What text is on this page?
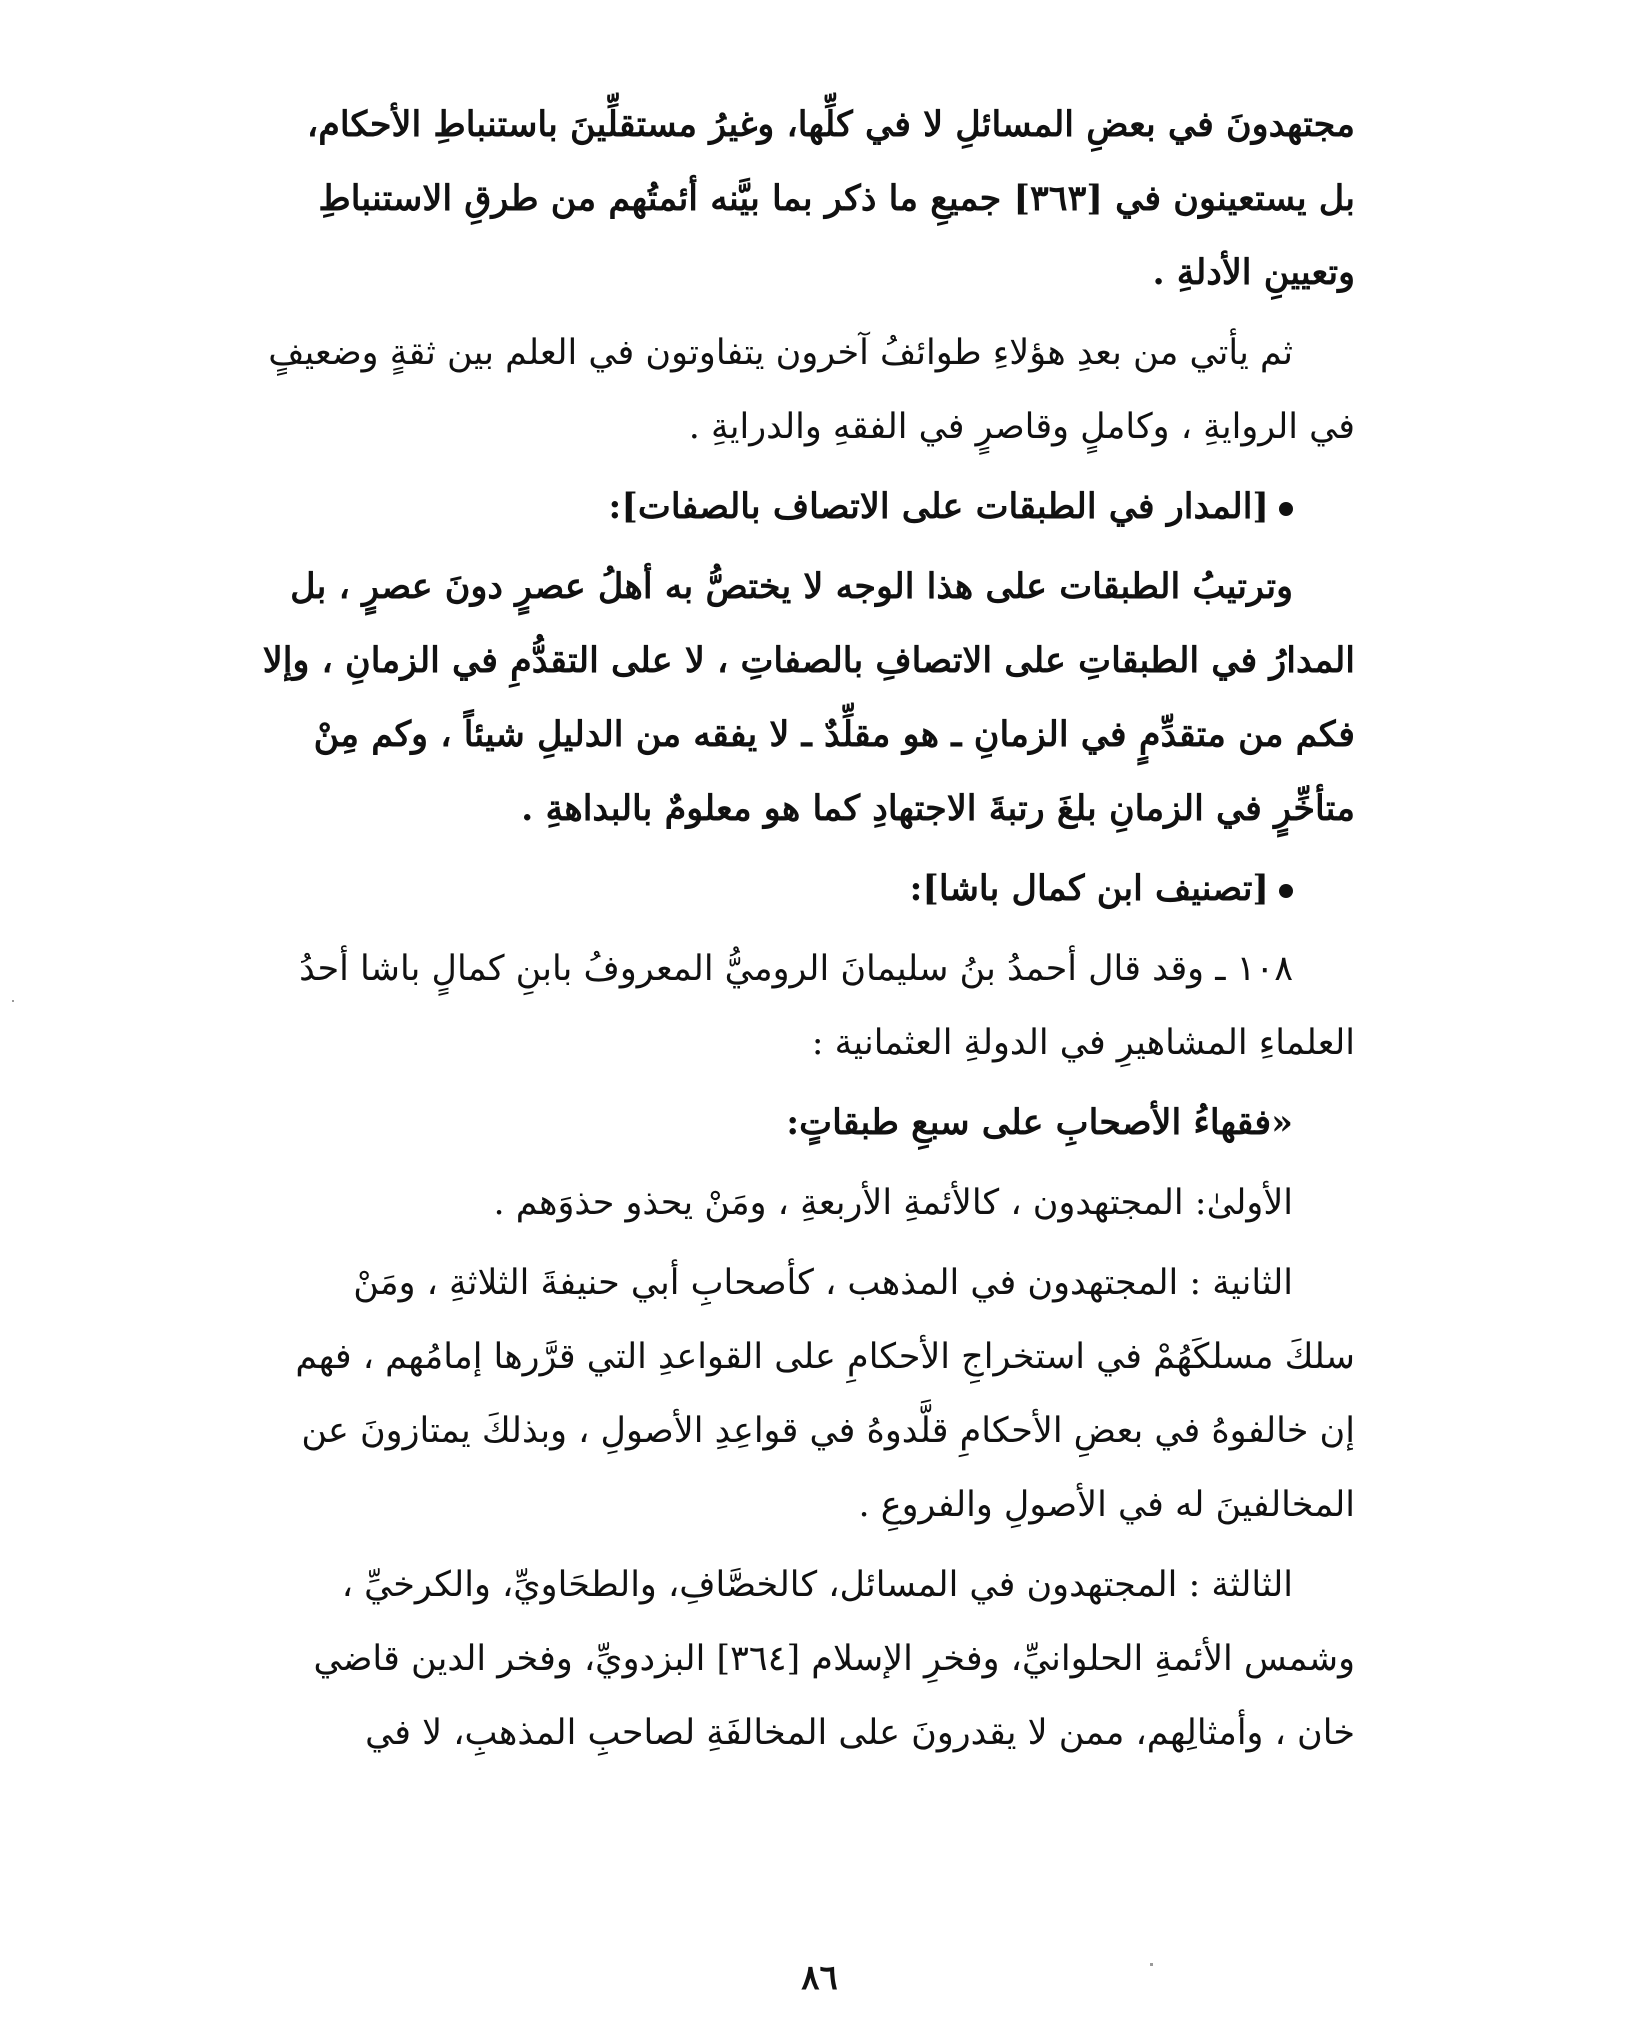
مجتهدونَ في بعضِ المسائلِ لا في كلِّها، وغيرُ مستقلِّينَ باستنباطِ الأحكام،
بل يستعينون في [٣٦٣] جميعِ ما ذكر بما بيَّنه أئمتُهم من طرقِ الاستنباطِ
وتعيينِ الأدلةِ .

ثم يأتي من بعدِ هؤلاءِ طوائفُ آخرون يتفاوتون في العلم بين ثقةٍ وضعيفٍ
في الروايةِ ، وكاملٍ وقاصرٍ في الفقهِ والدرايةِ .

[المدار في الطبقات على الاتصاف بالصفات]:

وترتيبُ الطبقات على هذا الوجه لا يختصُّ به أهلُ عصرٍ دونَ عصرٍ ، بل
المدارُ في الطبقاتِ على الاتصافِ بالصفاتِ ، لا على التقدُّمِ في الزمانِ ، وإلا
فكم من متقدِّمٍ في الزمانِ ـ هو مقلِّدٌ ـ لا يفقه من الدليلِ شيئاً ، وكم مِنْ
متأخِّرٍ في الزمانِ بلغَ رتبةَ الاجتهادِ كما هو معلومٌ بالبداهةِ .

[تصنيف ابن كمال باشا]:

١٠٨ ـ وقد قال أحمدُ بنُ سليمانَ الروميُّ المعروفُ بابنِ كمالٍ باشا أحدُ
العلماءِ المشاهيرِ في الدولةِ العثمانية :

«فقهاءُ الأصحابِ على سبعِ طبقاتٍ:

الأولىٰ: المجتهدون ، كالأئمةِ الأربعةِ ، ومَنْ يحذو حذوَهم .

الثانية : المجتهدون في المذهب ، كأصحابِ أبي حنيفةَ الثلاثةِ ، ومَنْ
سلكَ مسلكَهُمْ في استخراجِ الأحكامِ على القواعدِ التي قرَّرها إمامُهم ، فهم
إن خالفوهُ في بعضِ الأحكامِ قلَّدوهُ في قواعِدِ الأصولِ ، وبذلكَ يمتازونَ عن
المخالفينَ له في الأصولِ والفروعِ .

الثالثة : المجتهدون في المسائل، كالخصَّافِ، والطحَاويِّ، والكرخيِّ ،
وشمس الأئمةِ الحلوانيِّ، وفخرِ الإسلام [٣٦٤] البزدويِّ، وفخر الدين قاضي
خان ، وأمثالِهم، ممن لا يقدرونَ على المخالفَةِ لصاحبِ المذهبِ، لا في

٨٦
